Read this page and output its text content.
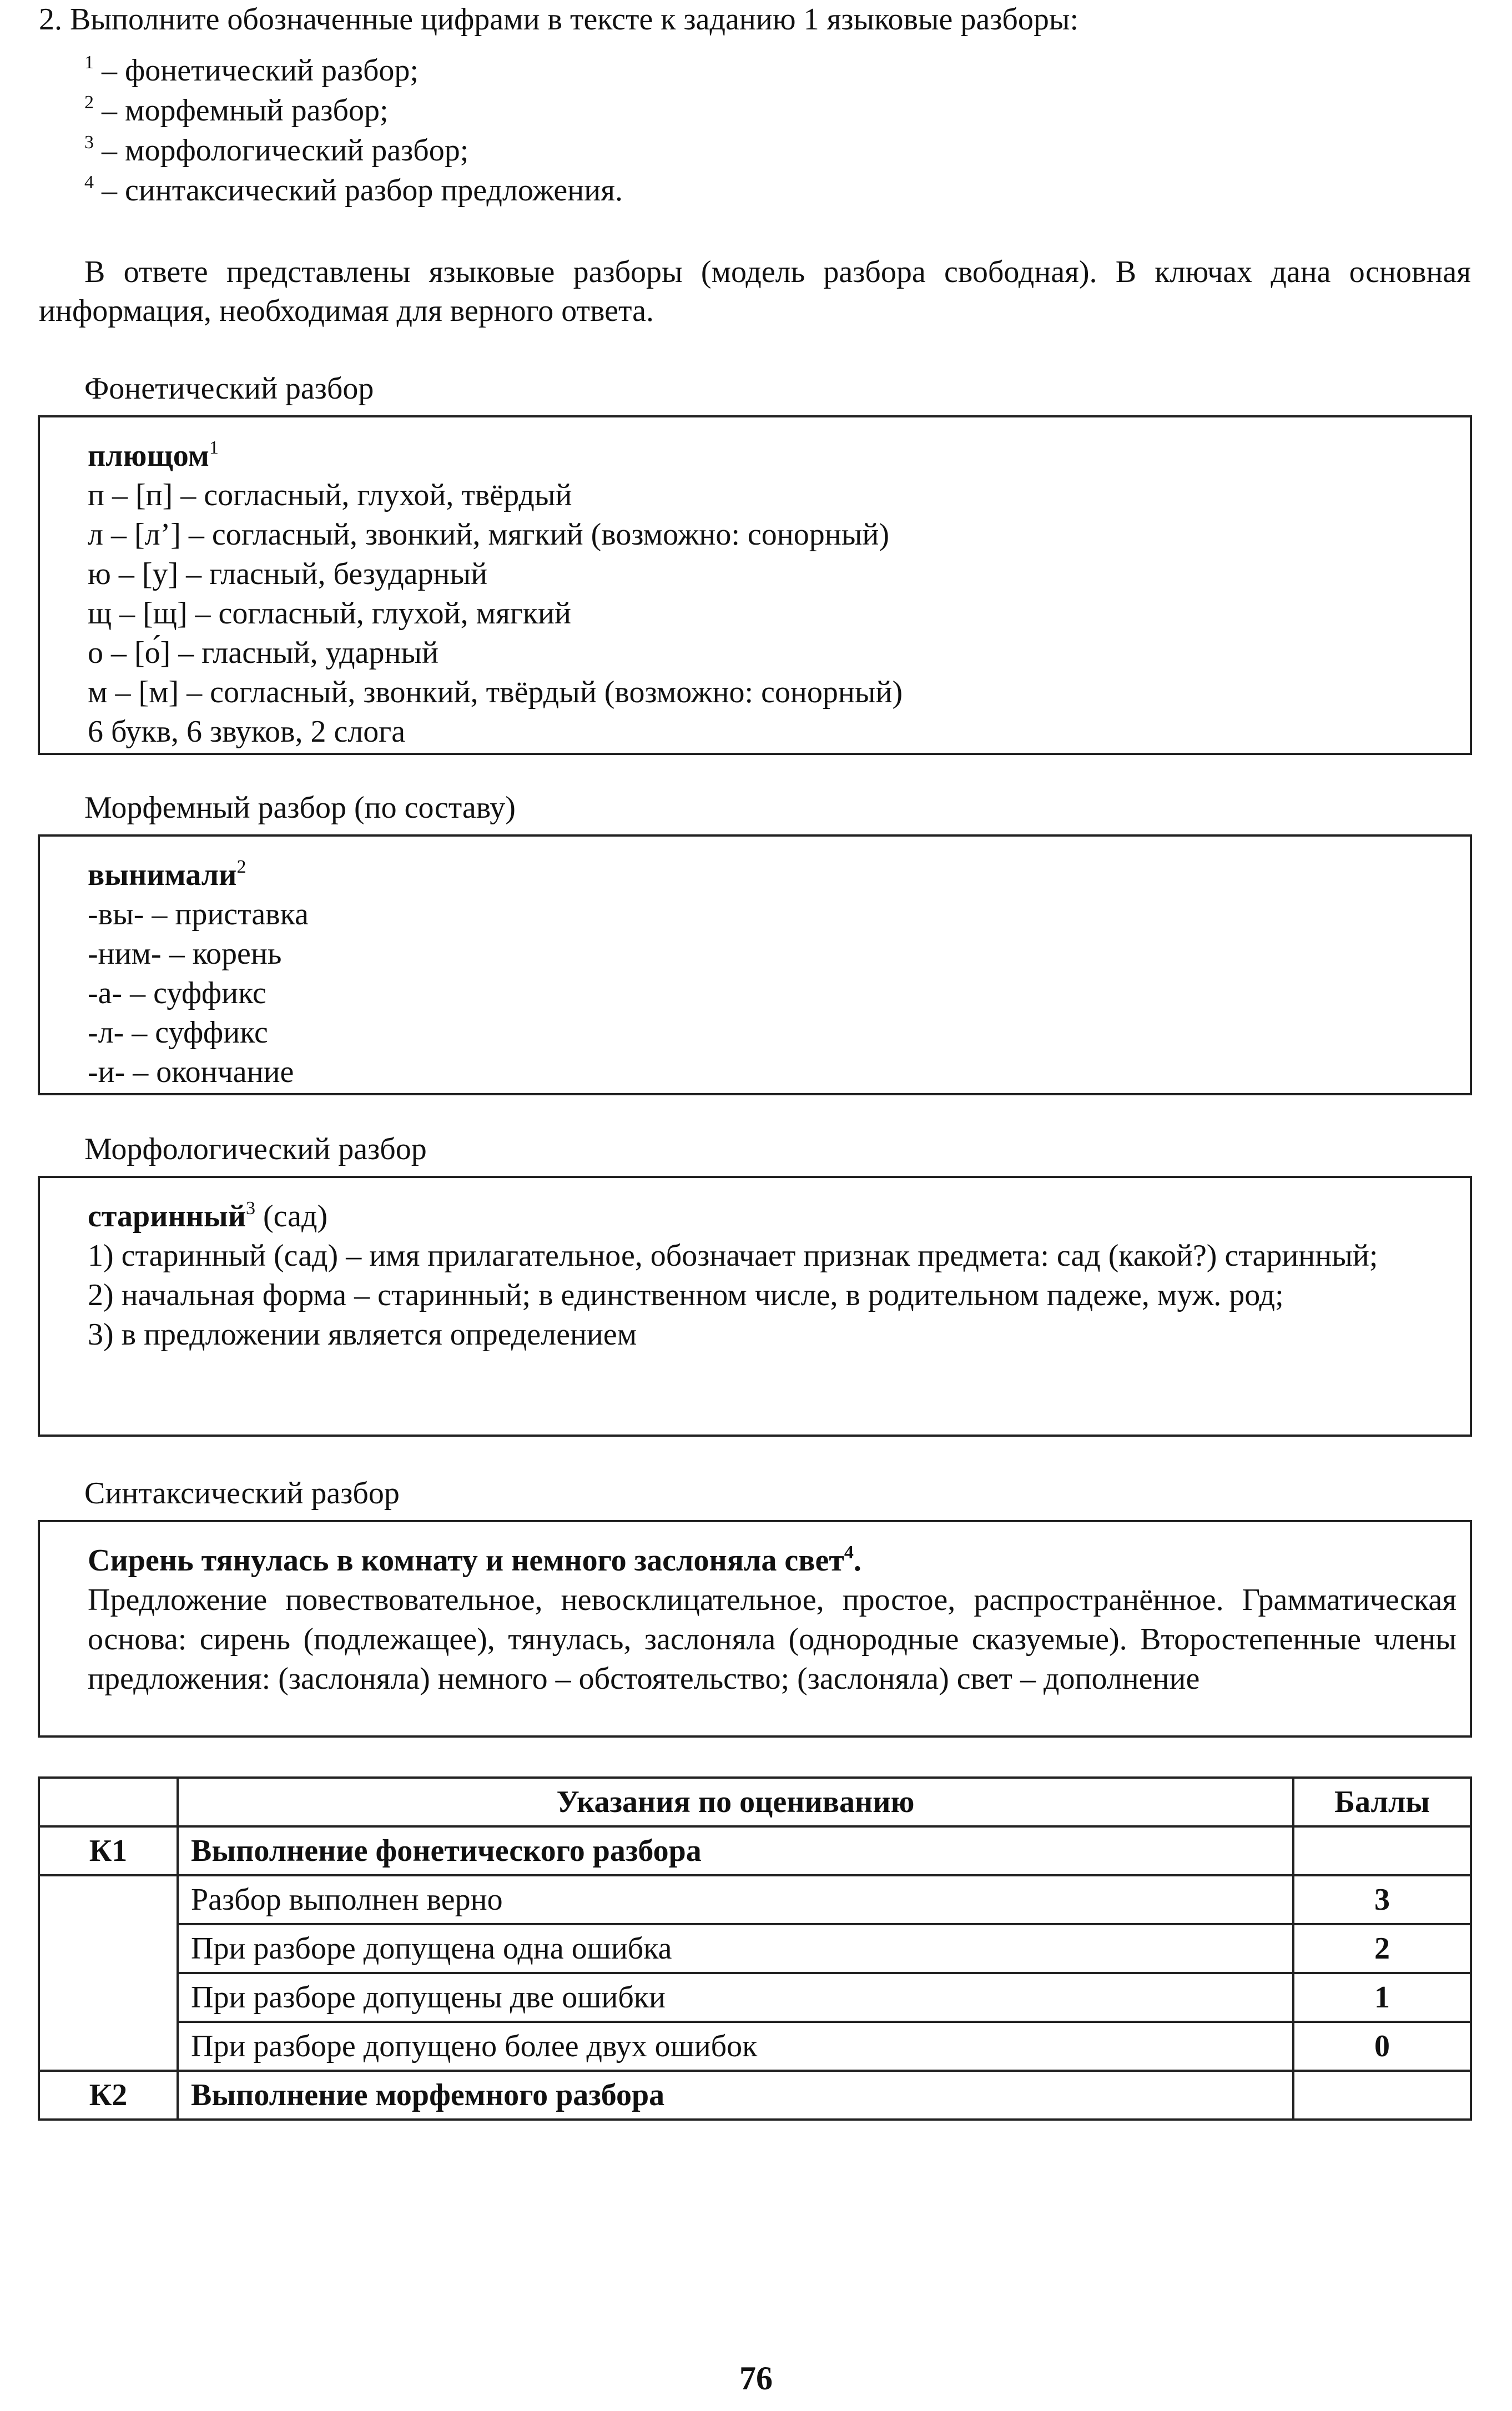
2. Выполните обозначенные цифрами в тексте к заданию 1 языковые разборы:
$^1$ – фонетический разбор;
$^2$ – морфемный разбор;
$^3$ – морфологический разбор;
$^4$ – синтаксический разбор предложения.
В ответе представлены языковые разборы (модель разбора свободная). В ключах дана основная информация, необходимая для верного ответа.
Фонетический разбор
плющом$^1$
п – [п] – согласный, глухой, твёрдый
л – [л’] – согласный, звонкий, мягкий (возможно: сонорный)
ю – [у] – гласный, безударный
щ – [щ] – согласный, глухой, мягкий
о – [о́] – гласный, ударный
м – [м] – согласный, звонкий, твёрдый (возможно: сонорный)
6 букв, 6 звуков, 2 слога
Морфемный разбор (по составу)
вынимали$^2$
-вы- – приставка
-ним- – корень
-а- – суффикс
-л- – суффикс
-и- – окончание
Морфологический разбор
старинный$^3$ (сад)
1) старинный (сад) – имя прилагательное, обозначает признак предмета: сад (какой?) старинный;
2) начальная форма – старинный; в единственном числе, в родительном падеже, муж. род;
3) в предложении является определением
Синтаксический разбор
Сирень тянулась в комнату и немного заслоняла свет$^4$.
Предложение повествовательное, невосклицательное, простое, распространённое. Грамматическая основа: сирень (подлежащее), тянулась, заслоняла (однородные сказуемые). Второстепенные члены предложения: (заслоняла) немного – обстоятельство; (заслоняла) свет – дополнение
	Указания по оцениванию	Баллы
К1	Выполнение фонетического разбора	
	Разбор выполнен верно	3
	При разборе допущена одна ошибка	2
	При разборе допущены две ошибки	1
	При разборе допущено более двух ошибок	0
К2	Выполнение морфемного разбора	
76
